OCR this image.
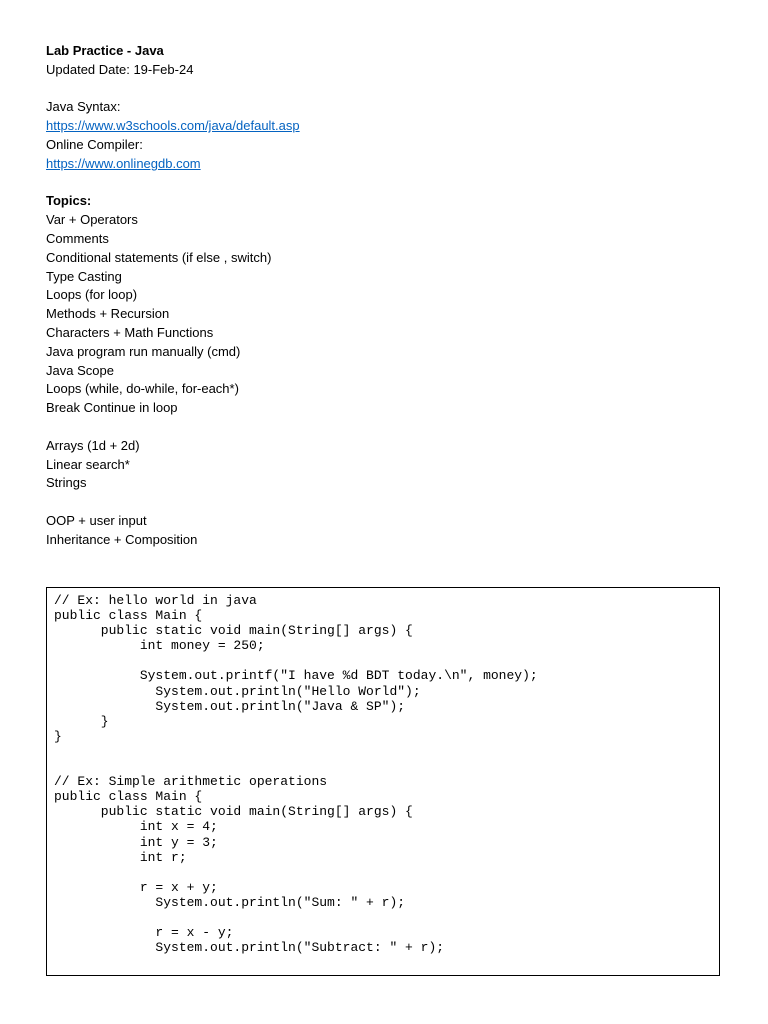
Lab Practice - Java
Updated Date: 19-Feb-24
Java Syntax:
https://www.w3schools.com/java/default.asp
Online Compiler:
https://www.onlinegdb.com
Topics:
Var + Operators
Comments
Conditional statements (if else , switch)
Type Casting
Loops (for loop)
Methods + Recursion
Characters + Math Functions
Java program run manually (cmd)
Java Scope
Loops (while, do-while, for-each*)
Break Continue in loop
Arrays (1d + 2d)
Linear search*
Strings
OOP + user input
Inheritance + Composition
// Ex: hello world in java
public class Main {
public static void main(String[] args) {
int money = 250;
System.out.printf("I have %d BDT today.\n", money);
System.out.println("Hello World");
System.out.println("Java & SP");
}
}
// Ex: Simple arithmetic operations
public class Main {
public static void main(String[] args) {
int x = 4;
int y = 3;
int r;
r = x + y;
System.out.println("Sum: " + r);
r = x - y;
System.out.println("Subtract: " + r);
